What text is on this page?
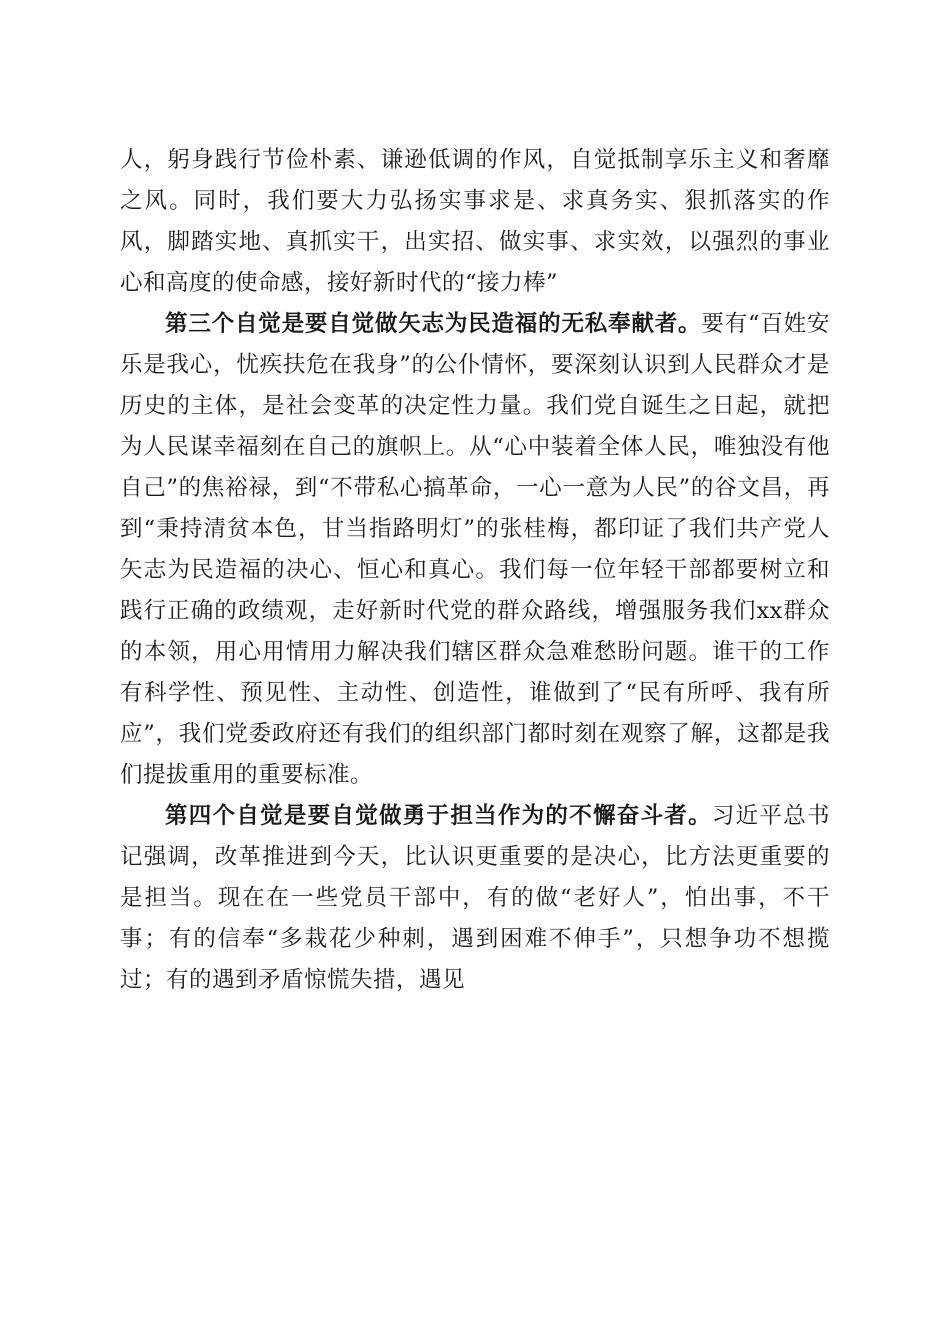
人，躬身践行节俭朴素、谦逊低调的作风，自觉抵制享乐主义和奢靡之风。同时，我们要大力弘扬实事求是、求真务实、狠抓落实的作风，脚踏实地、真抓实干，出实招、做实事、求实效，以强烈的事业心和高度的使命感，接好新时代的“接力棒”

第三个自觉是要自觉做矢志为民造福的无私奉献者。要有“百姓安乐是我心，忧疾扶危在我身”的公仆情怀，要深刻认识到人民群众才是历史的主体，是社会变革的决定性力量。我们党自诞生之日起，就把为人民谋幸福刻在自己的旗帜上。从“心中装着全体人民，唯独没有他自己”的焦裕禄，到“不带私心搞革命，一心一意为人民”的谷文昌，再到“秉持清贫本色，甘当指路明灯”的张桂梅，都印证了我们共产党人矢志为民造福的决心、恒心和真心。我们每一位年轻干部都要树立和践行正确的政绩观，走好新时代党的群众路线，增强服务我们xx群众的本领，用心用情用力解决我们辖区群众急难愁盼问题。谁干的工作有科学性、预见性、主动性、创造性，谁做到了“民有所呼、我有所应”，我们党委政府还有我们的组织部门都时刻在观察了解，这都是我们提拔重用的重要标准。

第四个自觉是要自觉做勇于担当作为的不懈奋斗者。习近平总书记强调，改革推进到今天，比认识更重要的是决心，比方法更重要的是担当。现在在一些党员干部中，有的做“老好人”，怕出事，不干事；有的信奉“多栽花少种刺，遇到困难不伸手”，只想争功不想揽过；有的遇到矛盾惊慌失措，遇见
